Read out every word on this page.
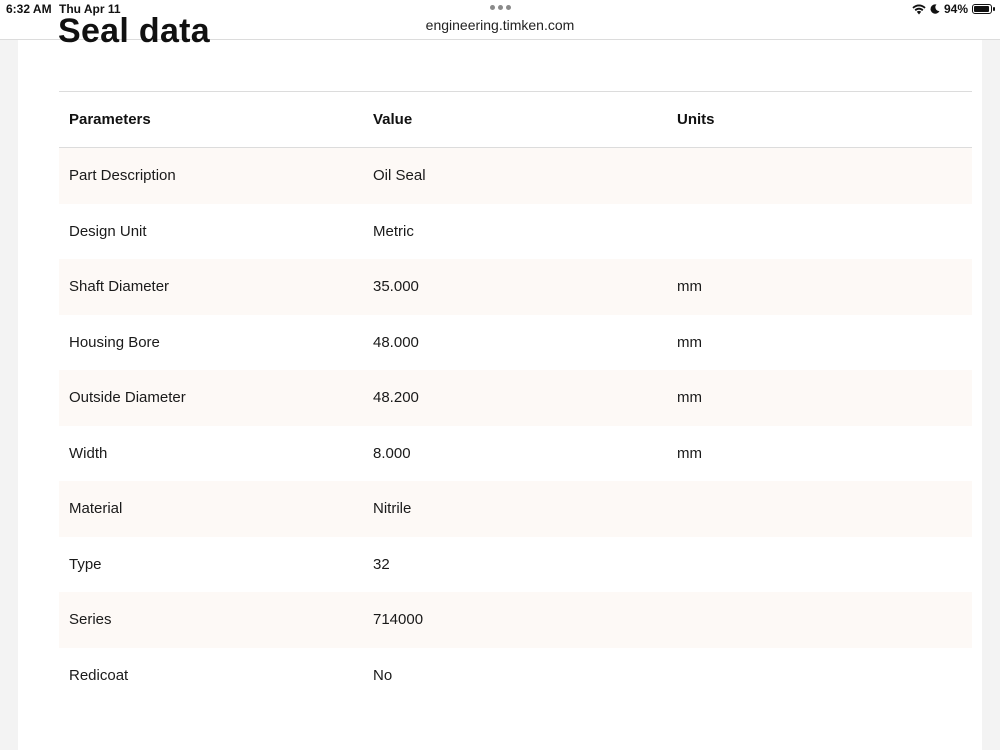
6:32 AM Thu Apr 11
engineering.timken.com
94%
Seal data
Parameters	Value	Units
Part Description	Oil Seal	
Design Unit	Metric	
Shaft Diameter	35.000	mm
Housing Bore	48.000	mm
Outside Diameter	48.200	mm
Width	8.000	mm
Material	Nitrile	
Type	32	
Series	714000	
Redicoat	No	
